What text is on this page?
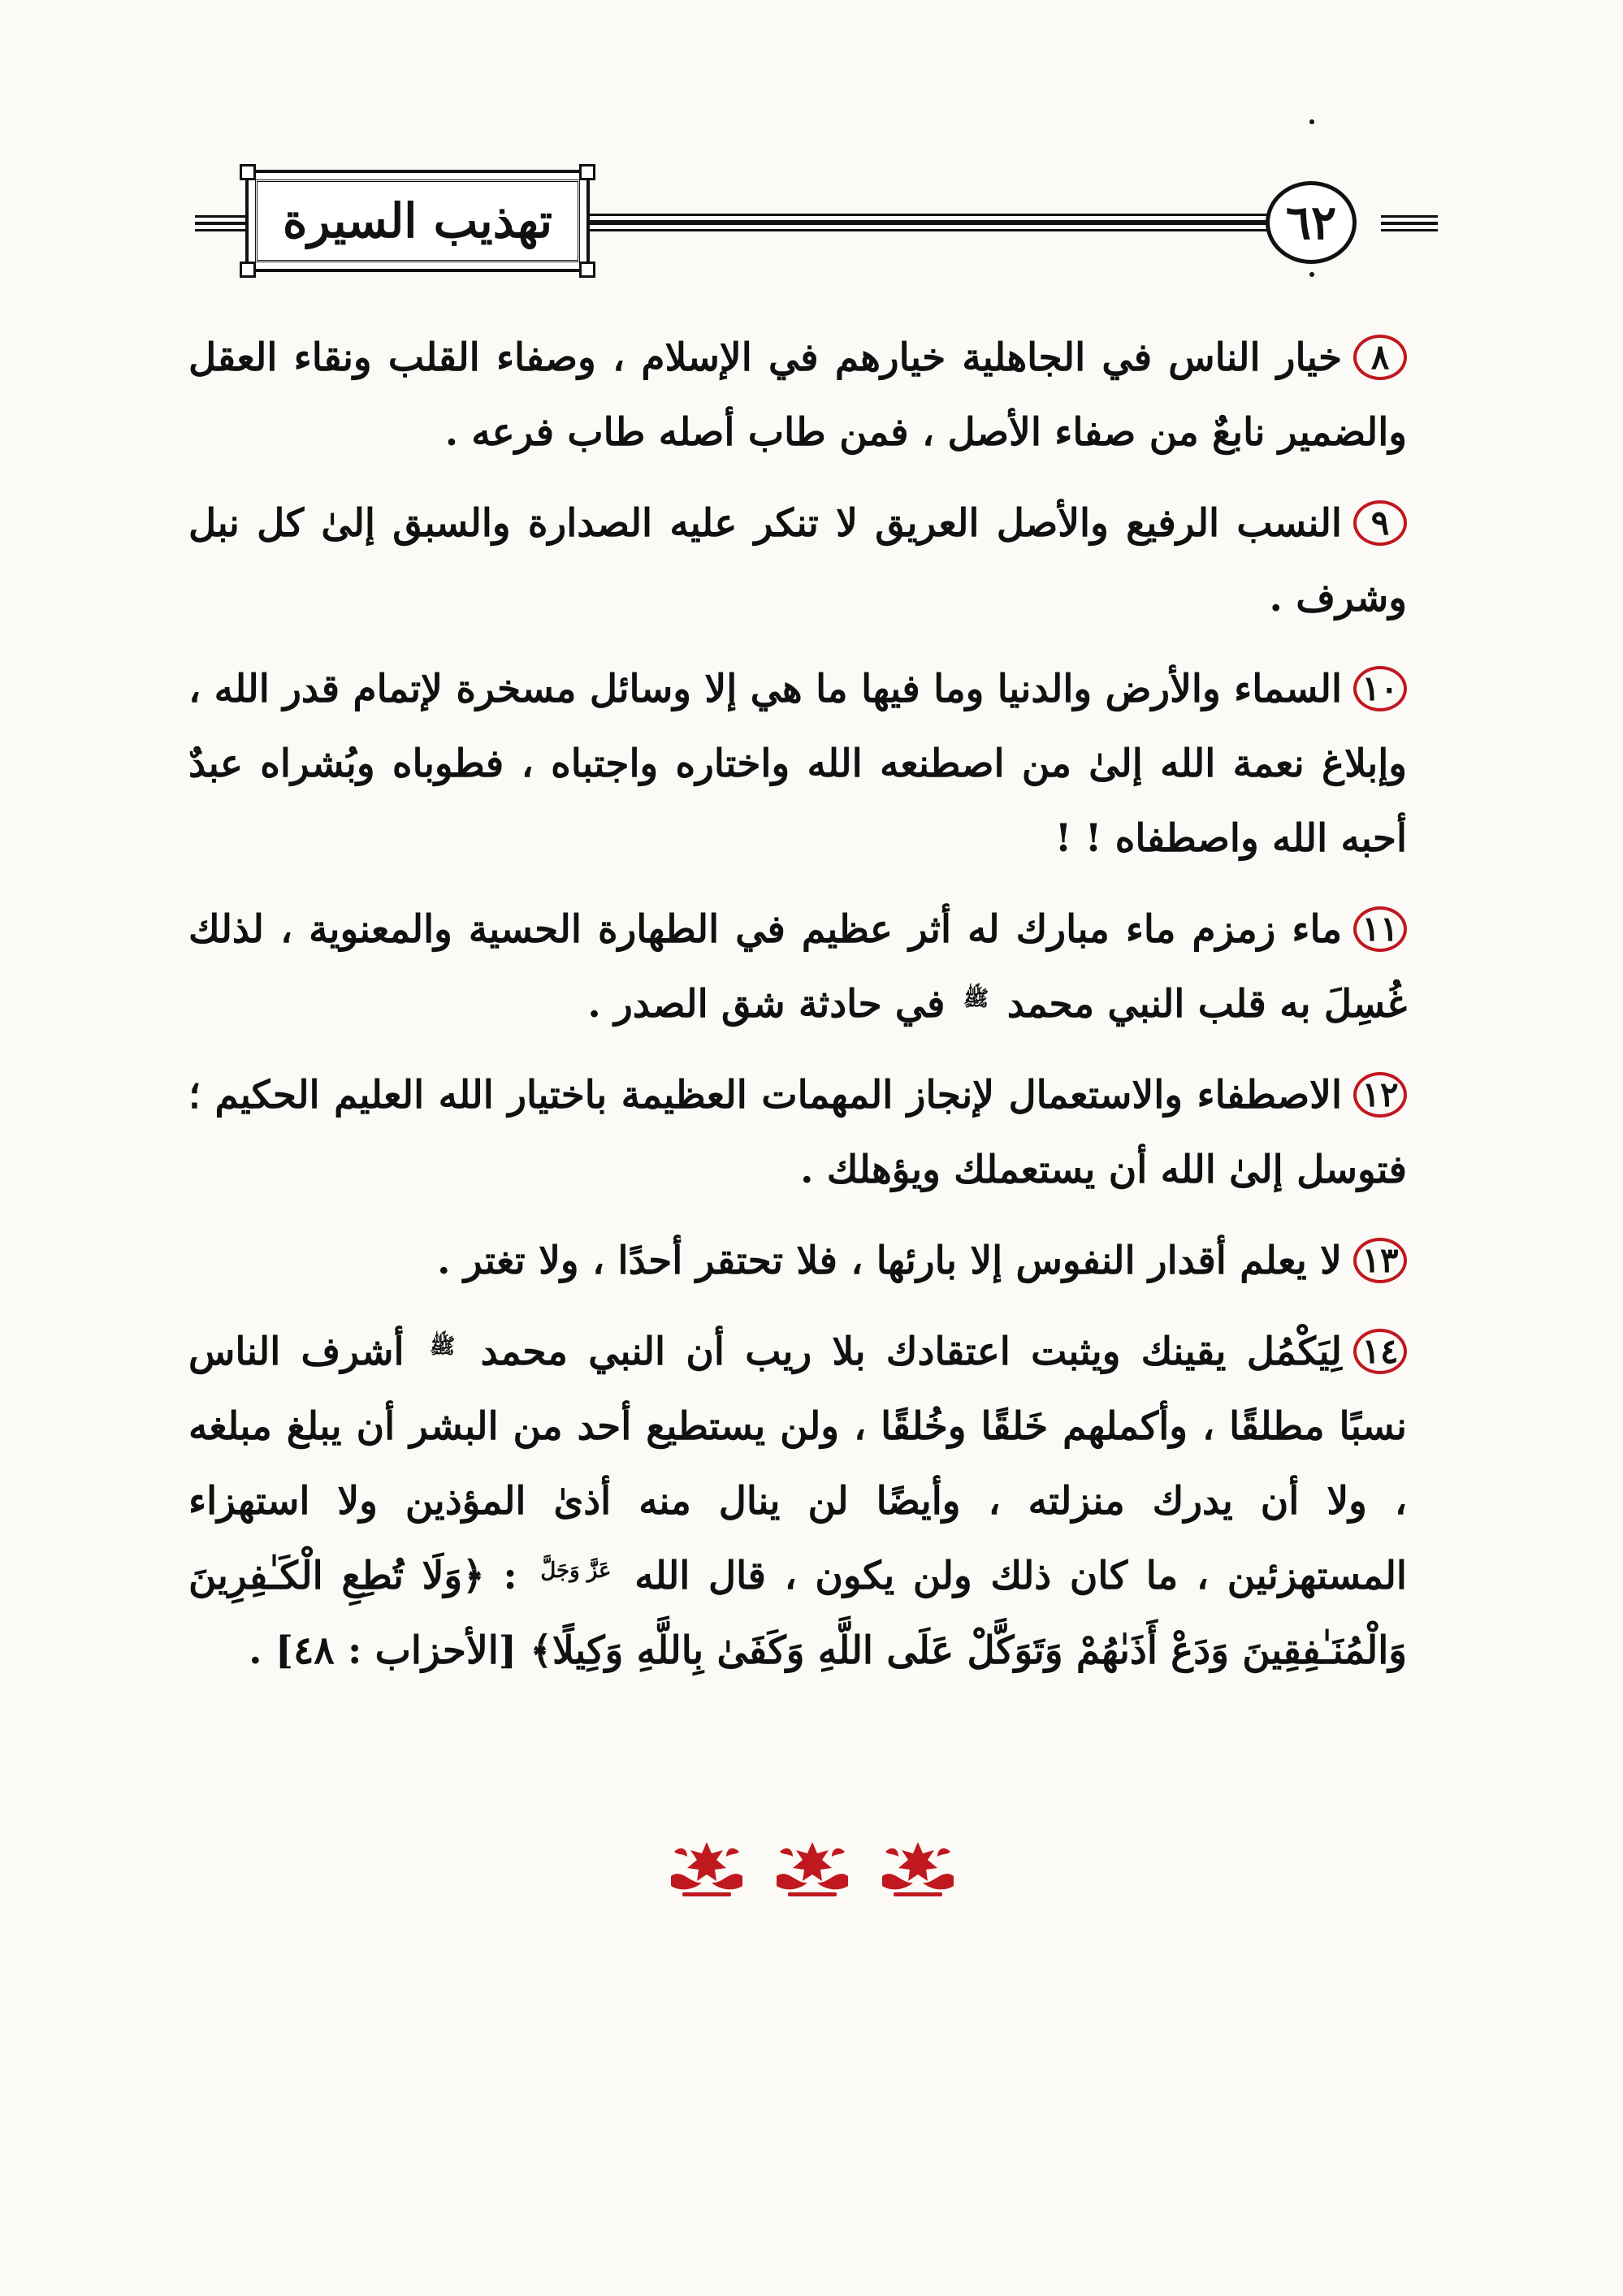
تهذيب السيرة	٦٢

٨خيار الناس في الجاهلية خيارهم في الإسلام ، وصفاء القلب ونقاء العقل والضمير نابعٌ من صفاء الأصل ، فمن طاب أصله طاب فرعه .

٩النسب الرفيع والأصل العريق لا تنكر عليه الصدارة والسبق إلىٰ كل نبل وشرف .

١٠السماء والأرض والدنيا وما فيها ما هي إلا وسائل مسخرة لإتمام قدر الله ، وإبلاغ نعمة الله إلىٰ من اصطنعه الله واختاره واجتباه ، فطوباه وبُشراه عبدٌ أحبه الله واصطفاه ! !

١١ماء زمزم ماء مبارك له أثر عظيم في الطهارة الحسية والمعنوية ، لذلك غُسِلَ به قلب النبي محمد ﷺ في حادثة شق الصدر .

١٢الاصطفاء والاستعمال لإنجاز المهمات العظيمة باختيار الله العليم الحكيم ؛ فتوسل إلىٰ الله أن يستعملك ويؤهلك .

١٣لا يعلم أقدار النفوس إلا بارئها ، فلا تحتقر أحدًا ، ولا تغتر .

١٤لِيَكْمُل يقينك ويثبت اعتقادك بلا ريب أن النبي محمد ﷺ أشرف الناس نسبًا مطلقًا ، وأكملهم خَلقًا وخُلقًا ، ولن يستطيع أحد من البشر أن يبلغ مبلغه ، ولا أن يدرك منزلته ، وأيضًا لن ينال منه أذىٰ المؤذين ولا استهزاء المستهزئين ، ما كان ذلك ولن يكون ، قال الله عَزَّ وَجَلَّ : ﴿وَلَا تُطِعِ الْكَـٰفِرِينَ وَالْمُنَـٰفِقِينَ وَدَعْ أَذَىٰهُمْ وَتَوَكَّلْ عَلَى اللَّهِ وَكَفَىٰ بِاللَّهِ وَكِيلًا﴾ [الأحزاب : ٤٨] .
